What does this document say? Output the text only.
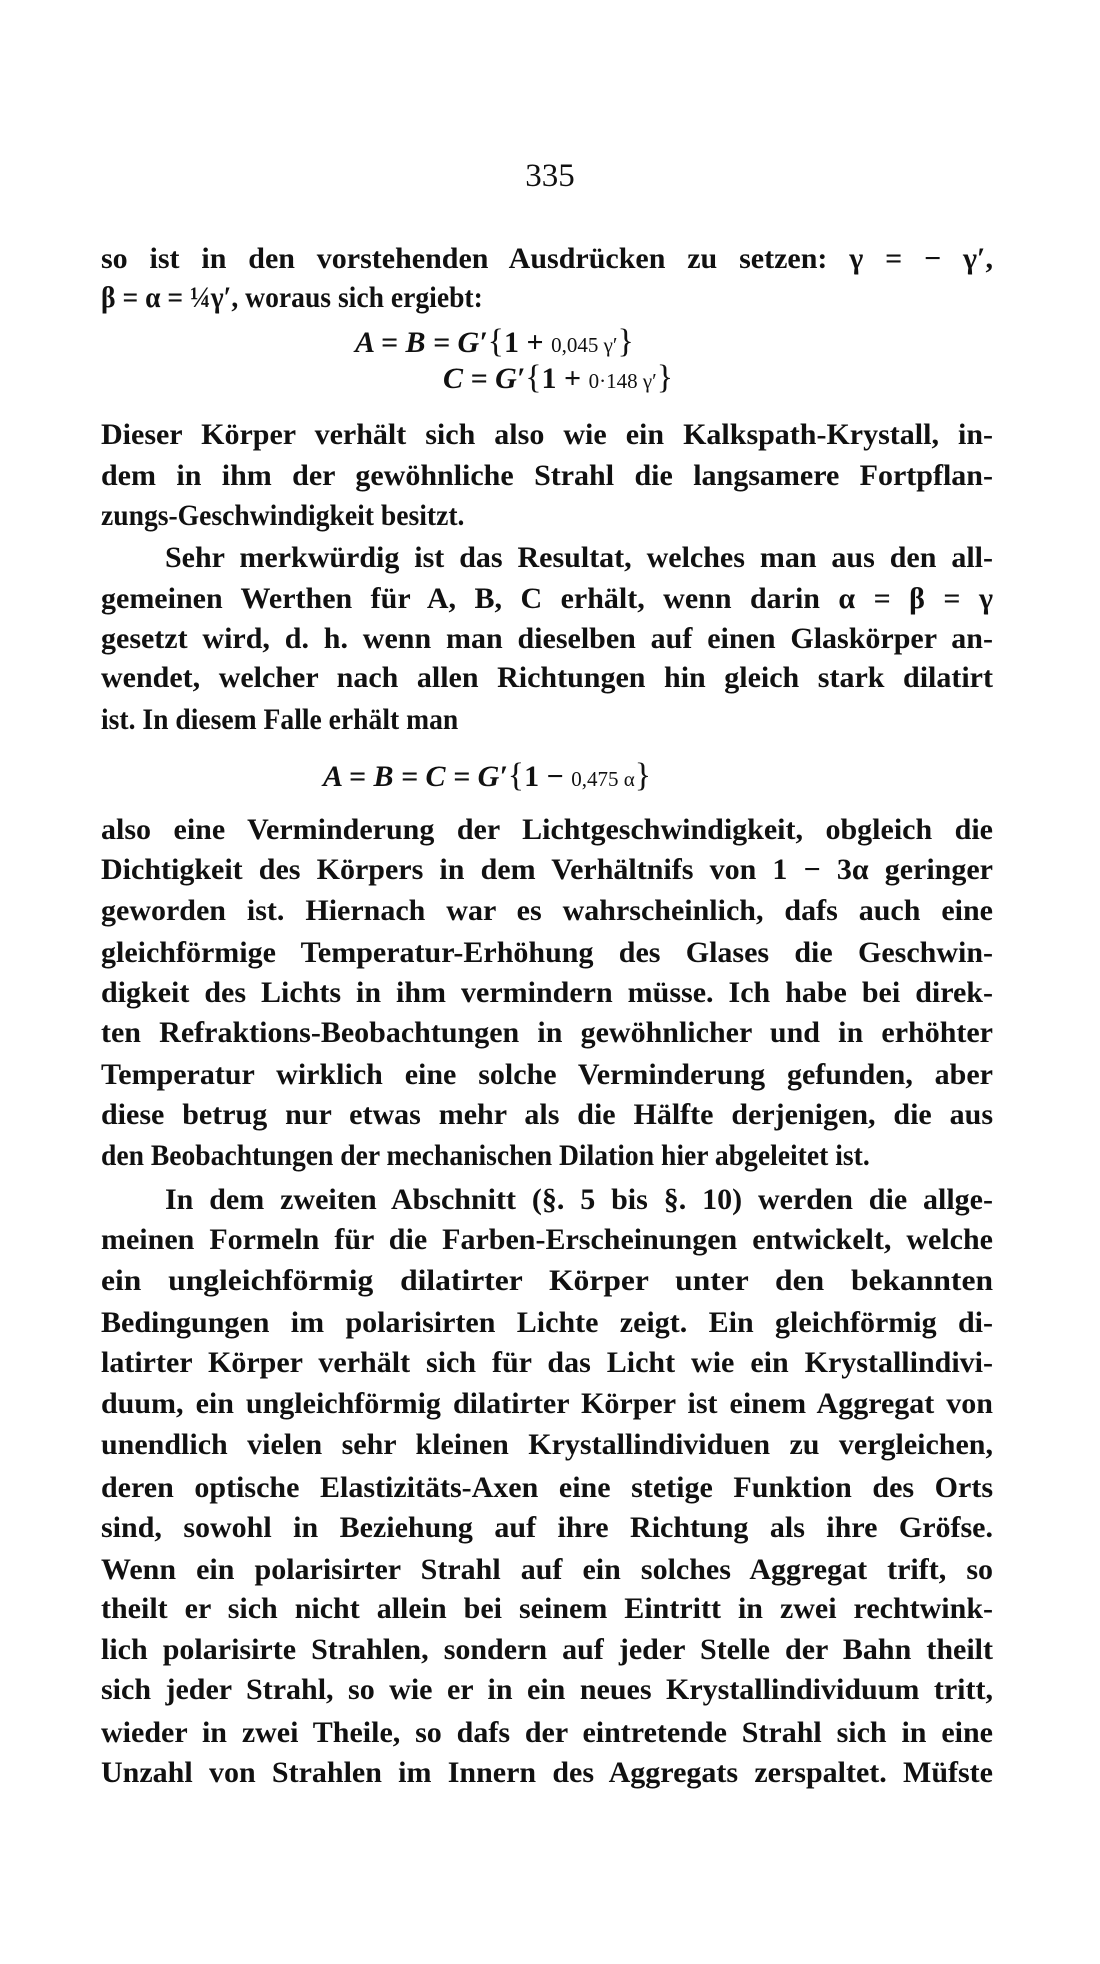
335
so ist in den vorstehenden Ausdrücken zu setzen: γ = − γ′,
β = α = ¼γ′, woraus sich ergiebt:
Dieser Körper verhält sich also wie ein Kalkspath-Krystall, in-
dem in ihm der gewöhnliche Strahl die langsamere Fortpflan-
zungs-Geschwindigkeit besitzt.
Sehr merkwürdig ist das Resultat, welches man aus den all-
gemeinen Werthen für A, B, C erhält, wenn darin α = β = γ
gesetzt wird, d. h. wenn man dieselben auf einen Glaskörper an-
wendet, welcher nach allen Richtungen hin gleich stark dilatirt
ist. In diesem Falle erhält man
also eine Verminderung der Lichtgeschwindigkeit, obgleich die
Dichtigkeit des Körpers in dem Verhältnifs von 1 − 3α geringer
geworden ist. Hiernach war es wahrscheinlich, dafs auch eine
gleichförmige Temperatur-Erhöhung des Glases die Geschwin-
digkeit des Lichts in ihm vermindern müsse. Ich habe bei direk-
ten Refraktions-Beobachtungen in gewöhnlicher und in erhöhter
Temperatur wirklich eine solche Verminderung gefunden, aber
diese betrug nur etwas mehr als die Hälfte derjenigen, die aus
den Beobachtungen der mechanischen Dilation hier abgeleitet ist.
In dem zweiten Abschnitt (§. 5 bis §. 10) werden die allge-
meinen Formeln für die Farben-Erscheinungen entwickelt, welche
ein ungleichförmig dilatirter Körper unter den bekannten
Bedingungen im polarisirten Lichte zeigt. Ein gleichförmig di-
latirter Körper verhält sich für das Licht wie ein Krystallindivi-
duum, ein ungleichförmig dilatirter Körper ist einem Aggregat von
unendlich vielen sehr kleinen Krystallindividuen zu vergleichen,
deren optische Elastizitäts-Axen eine stetige Funktion des Orts
sind, sowohl in Beziehung auf ihre Richtung als ihre Gröfse.
Wenn ein polarisirter Strahl auf ein solches Aggregat trift, so
theilt er sich nicht allein bei seinem Eintritt in zwei rechtwink-
lich polarisirte Strahlen, sondern auf jeder Stelle der Bahn theilt
sich jeder Strahl, so wie er in ein neues Krystallindividuum tritt,
wieder in zwei Theile, so dafs der eintretende Strahl sich in eine
Unzahl von Strahlen im Innern des Aggregats zerspaltet. Müfste
A = B = G′{1 + 0,045 γ′}
C = G′{1 + 0·148 γ′}
A = B = C = G′{1 − 0,475 α}
